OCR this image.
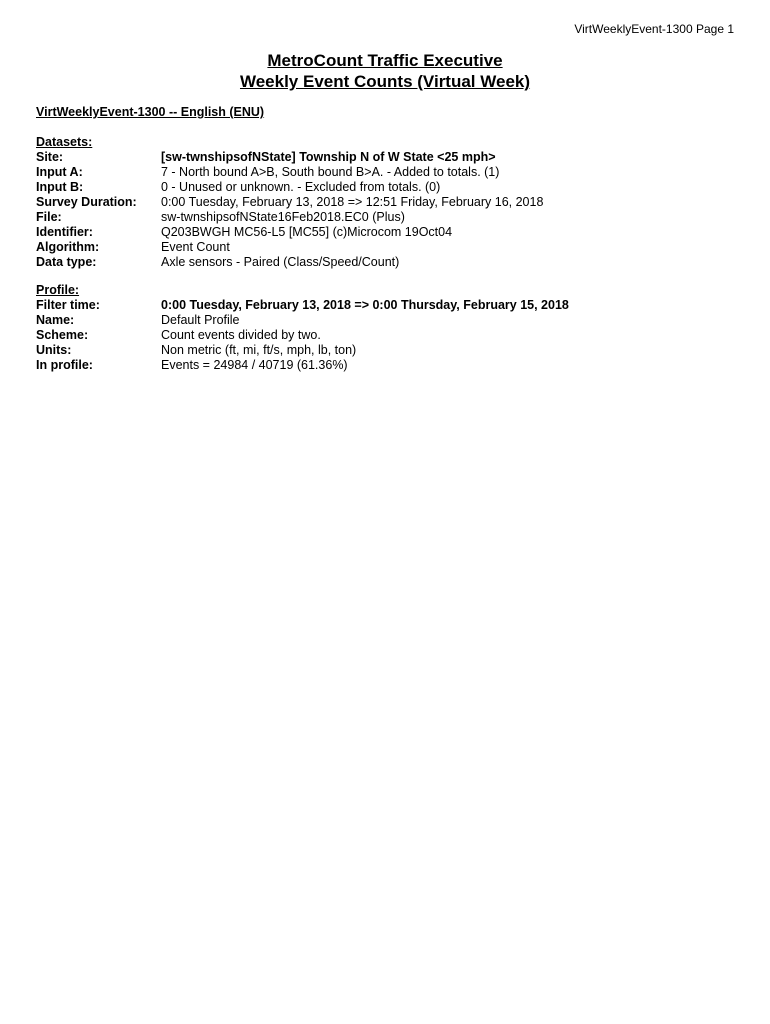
VirtWeeklyEvent-1300 Page 1
MetroCount Traffic Executive
Weekly Event Counts (Virtual Week)
VirtWeeklyEvent-1300 -- English (ENU)
Datasets:
Site:	[sw-twnshipsofNState] Township N of W State <25 mph>
Input A:	7 - North bound A>B, South bound B>A. - Added to totals. (1)
Input B:	0 - Unused or unknown. - Excluded from totals. (0)
Survey Duration:	0:00 Tuesday, February 13, 2018 => 12:51 Friday, February 16, 2018
File:	sw-twnshipsofNState16Feb2018.EC0 (Plus)
Identifier:	Q203BWGH MC56-L5 [MC55] (c)Microcom 19Oct04
Algorithm:	Event Count
Data type:	Axle sensors - Paired (Class/Speed/Count)
Profile:
Filter time:	0:00 Tuesday, February 13, 2018 => 0:00 Thursday, February 15, 2018
Name:	Default Profile
Scheme:	Count events divided by two.
Units:	Non metric (ft, mi, ft/s, mph, lb, ton)
In profile:	Events = 24984 / 40719 (61.36%)
